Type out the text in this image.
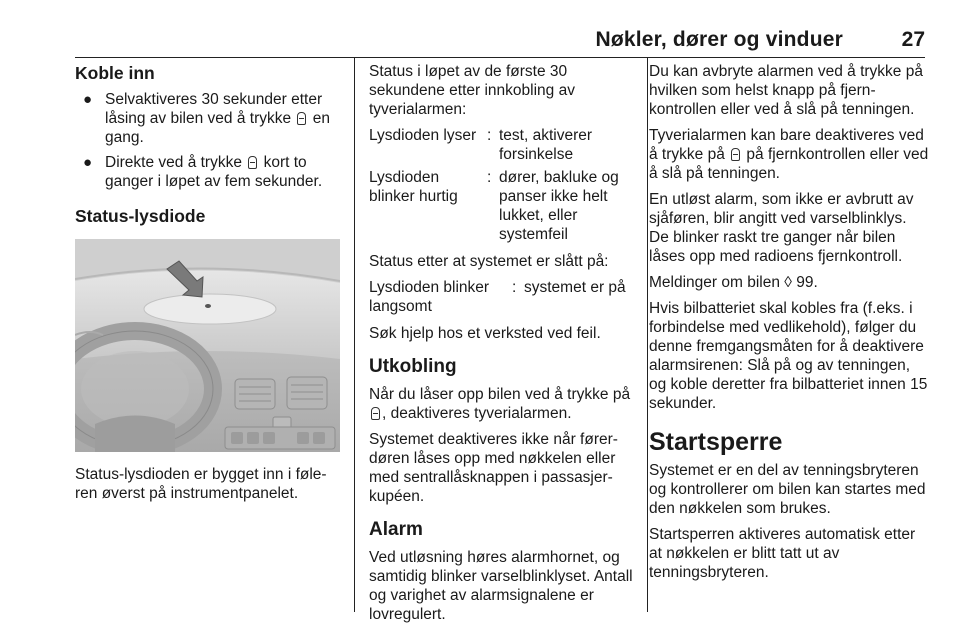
Nøkler, dører og vinduer	27
Koble inn
● Selvaktiveres 30 sekunder etter låsing av bilen ved å trykke  en gang.
● Direkte ved å trykke  kort to ganger i løpet av fem sekunder.
Status-lysdiode
Status-lysdioden er bygget inn i føleren øverst på instrumentpanelet.

Status i løpet av de første 30 sekundene etter innkobling av tyverialarmen:

Lysdioden lyser : test, aktiverer forsinkelse
Lysdioden blinker hurtig
: dører, bakluke og panser ikke helt lukket, eller systemfeil

Status etter at systemet er slått på:

Lysdioden blinker langsomt
: systemet er på

Søk hjelp hos et verksted ved feil.

Utkobling

Når du låser opp bilen ved å trykke på , deaktiveres tyverialarmen.

Systemet deaktiveres ikke når førerdøren låses opp med nøkkelen eller med sentrallåsknappen i passasjerkupéen.

Alarm

Ved utløsning høres alarmhornet, og samtidig blinker varselblinklyset. Antall og varighet av alarmsignalene er lovregulert.

Du kan avbryte alarmen ved å trykke på hvilken som helst knapp på fjernkontrollen eller ved å slå på tenningen.

Tyverialarmen kan bare deaktiveres ved å trykke på  på fjernkontrollen eller ved å slå på tenningen.

En utløst alarm, som ikke er avbrutt av sjåføren, blir angitt ved varselblinklys. De blinker raskt tre ganger når bilen låses opp med radioens fjernkontroll.

Meldinger om bilen ◊ 99.

Hvis bilbatteriet skal kobles fra (f.eks. i forbindelse med vedlikehold), følger du denne fremgangsmåten for å deaktivere alarmsirenen: Slå på og av tenningen, og koble deretter fra bilbatteriet innen 15 sekunder.

Startsperre

Systemet er en del av tenningsbryteren og kontrollerer om bilen kan startes med den nøkkelen som brukes.

Startsperren aktiveres automatisk etter at nøkkelen er blitt tatt ut av tenningsbryteren.
